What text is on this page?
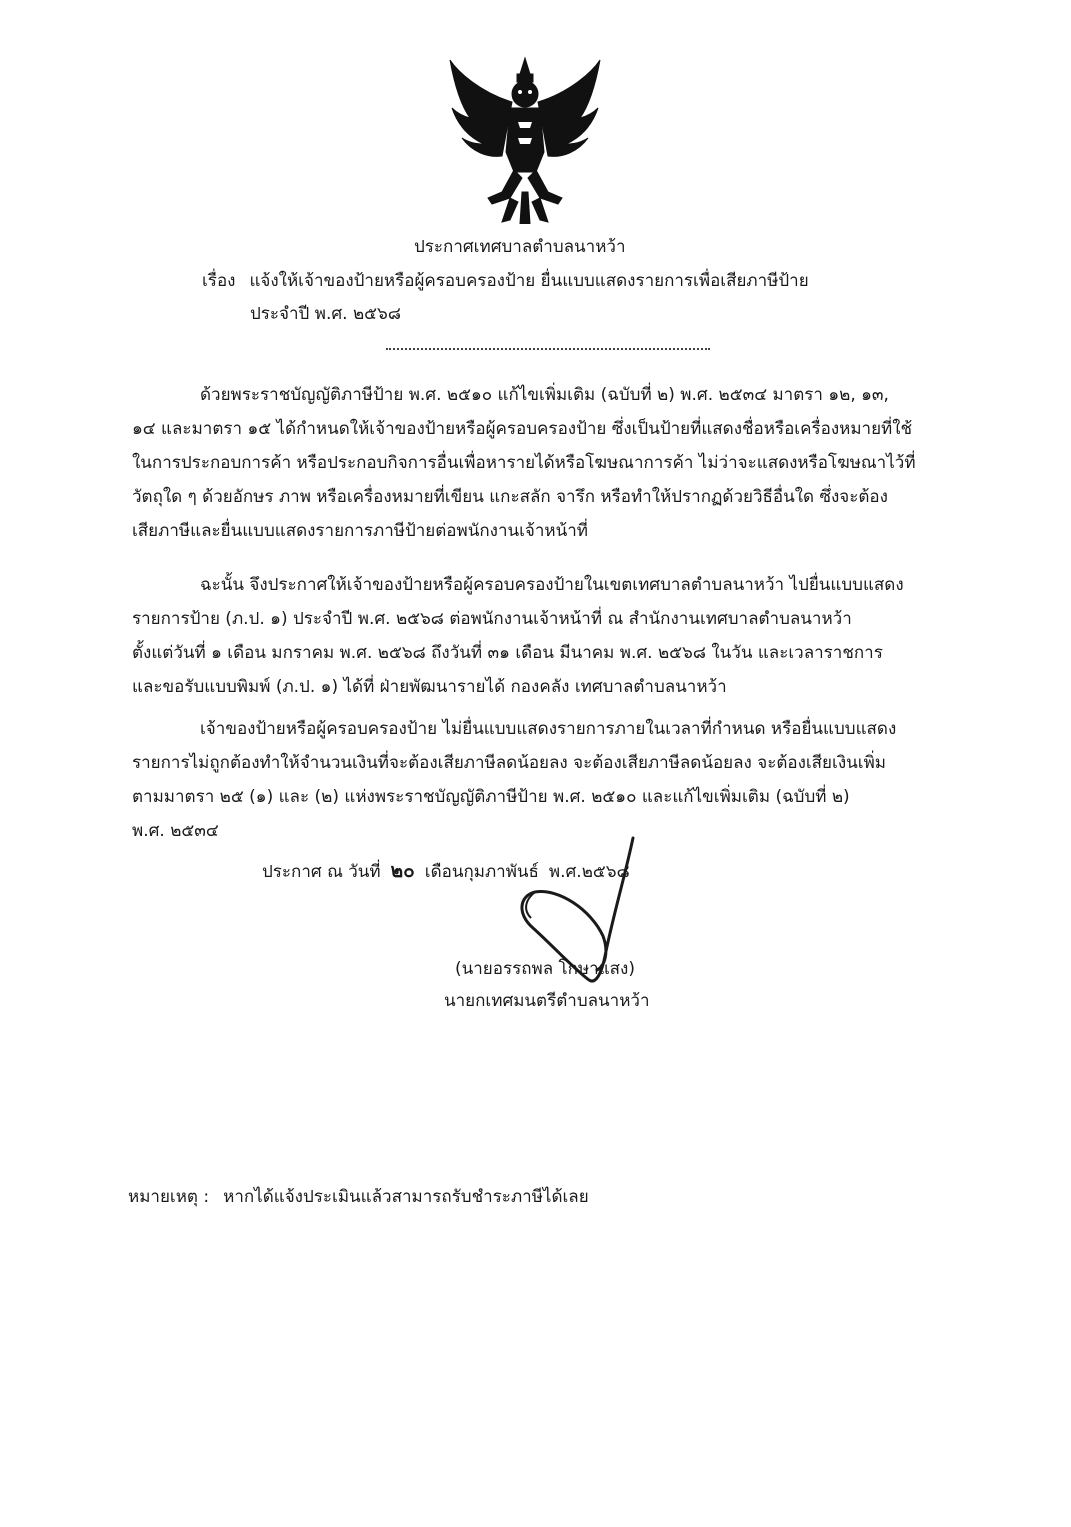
ประกาศเทศบาลตำบลนาหว้า
เรื่อง แจ้งให้เจ้าของป้ายหรือผู้ครอบครองป้าย ยื่นแบบแสดงรายการเพื่อเสียภาษีป้าย
ประจำปี พ.ศ. ๒๕๖๘
ด้วยพระราชบัญญัติภาษีป้าย พ.ศ. ๒๕๑๐ แก้ไขเพิ่มเติม (ฉบับที่ ๒) พ.ศ. ๒๕๓๔ มาตรา ๑๒, ๑๓,
๑๔ และมาตรา ๑๕ ได้กำหนดให้เจ้าของป้ายหรือผู้ครอบครองป้าย ซึ่งเป็นป้ายที่แสดงชื่อหรือเครื่องหมายที่ใช้
ในการประกอบการค้า หรือประกอบกิจการอื่นเพื่อหารายได้หรือโฆษณาการค้า ไม่ว่าจะแสดงหรือโฆษณาไว้ที่
วัตถุใด ๆ ด้วยอักษร ภาพ หรือเครื่องหมายที่เขียน แกะสลัก จารึก หรือทำให้ปรากฏด้วยวิธีอื่นใด ซึ่งจะต้อง
เสียภาษีและยื่นแบบแสดงรายการภาษีป้ายต่อพนักงานเจ้าหน้าที่
ฉะนั้น จึงประกาศให้เจ้าของป้ายหรือผู้ครอบครองป้ายในเขตเทศบาลตำบลนาหว้า ไปยื่นแบบแสดง
รายการป้าย (ภ.ป. ๑) ประจำปี พ.ศ. ๒๕๖๘ ต่อพนักงานเจ้าหน้าที่ ณ สำนักงานเทศบาลตำบลนาหว้า
ตั้งแต่วันที่ ๑ เดือน มกราคม พ.ศ. ๒๕๖๘ ถึงวันที่ ๓๑ เดือน มีนาคม พ.ศ. ๒๕๖๘ ในวัน และเวลาราชการ
และขอรับแบบพิมพ์ (ภ.ป. ๑) ได้ที่ ฝ่ายพัฒนารายได้ กองคลัง เทศบาลตำบลนาหว้า
เจ้าของป้ายหรือผู้ครอบครองป้าย ไม่ยื่นแบบแสดงรายการภายในเวลาที่กำหนด หรือยื่นแบบแสดง
รายการไม่ถูกต้องทำให้จำนวนเงินที่จะต้องเสียภาษีลดน้อยลง จะต้องเสียภาษีลดน้อยลง จะต้องเสียเงินเพิ่ม
ตามมาตรา ๒๕ (๑) และ (๒) แห่งพระราชบัญญัติภาษีป้าย พ.ศ. ๒๕๑๐ และแก้ไขเพิ่มเติม (ฉบับที่ ๒)
พ.ศ. ๒๕๓๔
ประกาศ ณ วันที่ ๒๐ เดือนกุมภาพันธ์ พ.ศ.๒๕๖๘
(นายอรรถพล โกษาแสง)
นายกเทศมนตรีตำบลนาหว้า
หมายเหตุ : หากได้แจ้งประเมินแล้วสามารถรับชำระภาษีได้เลย
